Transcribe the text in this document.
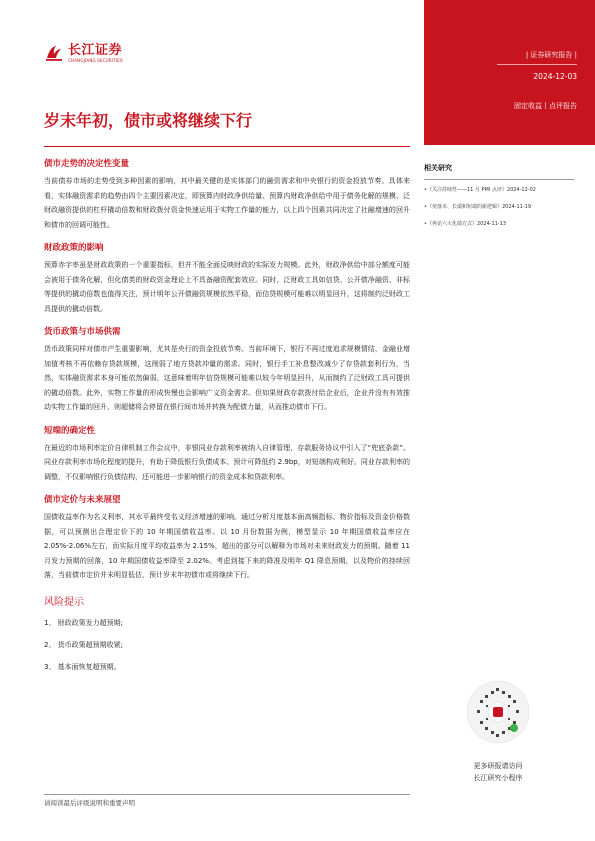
长江证券
CHANGJIANG SECURITIES
| 证券研究报告 |
2024-12-03
固定收益丨点评报告
岁末年初，债市或将继续下行
债市走势的决定性变量

当前债券市场的走势受到多种因素的影响，其中最关键的是实体部门的融资需求和中央银行的资金投放节奏。具体来看，实体融资需求的趋势由四个主要因素决定，即预算内财政净供给量、预算内财政净供给中用于债务化解的规模、泛财政融资提供的杠杆撬动倍数和财政拨付资金快速运用于实物工作量的能力，以上四个因素共同决定了社融增速的回升和债市的回调可能性。

财政政策的影响

预算赤字率虽是财政政策的一个重要指标，但并不能全面反映财政的实际发力规模。此外，财政净供给中部分额度可能会被用于债务化解，但化债类的财政资金理论上不具备融资配套效应。同时，泛财政工具如信贷、公开债净融资、非标等提供的撬动倍数也值得关注，预计明年公开债融资规模依然平稳，而信贷规模可能难以明显回升，这将制约泛财政工具提供的撬动倍数。

货币政策与市场供需

货币政策同样对债市产生重要影响，尤其是央行的资金投放节奏。当前环境下，银行不再过度追求规模情结，金融业增加值考核不再依赖存贷款规模，这削弱了地方贷款冲量的需求。同时，银行手工补息整改减少了存贷款套利行为，当然，实体融资需求本身可能依然偏弱，这意味着明年信贷规模可能难以较今年明显回升，从而制约了泛财政工具可提供的撬动倍数。此外，实物工作量的形成快慢也会影响广义资金需求。但如果财政存款拨付给企业后，企业并没有有效推动实物工作量的回升，则超储将会停留在银行间市场并转换为配债力量，从而推动债市下行。

短端的确定性

在最近的市场利率定价自律机制工作会议中，非银同业存款利率被纳入自律管理，存款服务协议中引入了“兜底条款”。同业存款利率市场化程度的提升，有助于降低银行负债成本、预计可降低约 2.9bp，对短端构成利好。同业存款利率的调整，不仅影响银行负债结构，还可能进一步影响银行的资金成本和贷款利率。

债市定价与未来展望

国债收益率作为名义利率，其水平最终受名义经济增速的影响。通过分析月度基本面高频指标、物价指标及资金价格数据，可以预测出合理定价下的 10 年期国债收益率。以 10 月份数据为例，模型显示 10 年期国债收益率应在 2.05%-2.06%左右，而实际月度平均收益率为 2.15%，超出的部分可以解释为市场对未来财政发力的预期。随着 11 月发力预期的回落，10 年期国债收益率降至 2.02%。考虑到接下来的降准及明年 Q1 降息预期，以及物价的持续回落，当前债市定价并未明显低估，预计岁末年初债市或将继续下行。

风险提示
1、 财政政策发力超预期;
2、 货币政策超预期收紧;
3、 基本面恢复超预期。
相关研究
•《关注持续性——11 月 PMI 点评》2024-12-02
•《奕落市、长端和短端的新逻辑》2024-11-19
•《再论六大化债方式》2024-11-13
更多研报请访问
长江研究小程序
请阅读最后评级说明和重要声明
